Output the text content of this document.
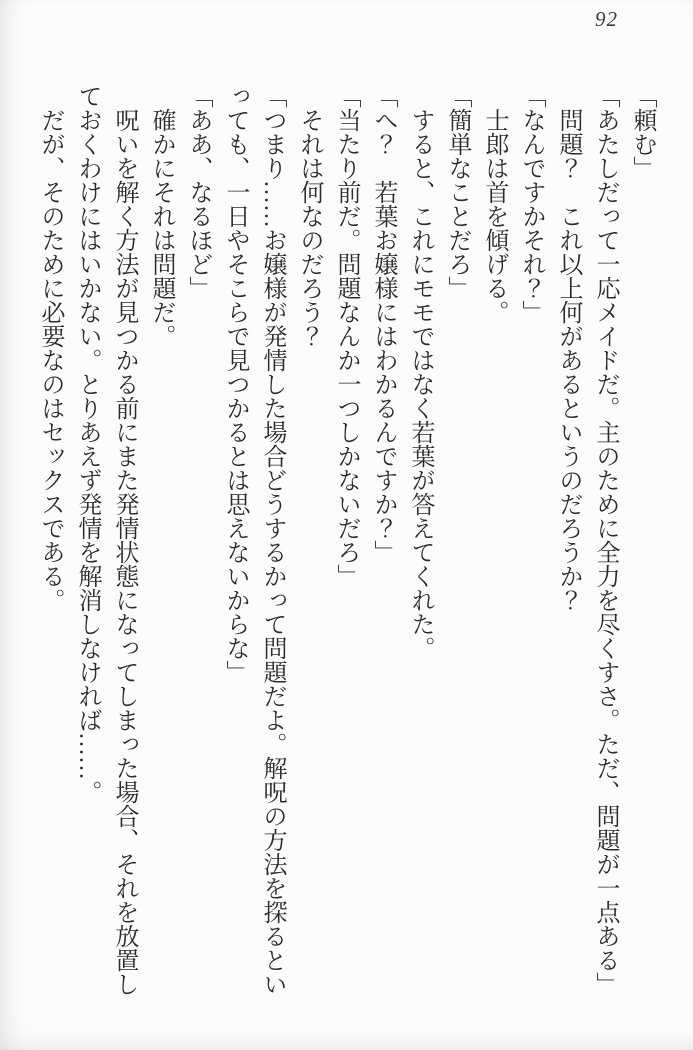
92

「頼む」

「あたしだって一応メイドだ。主のために全力を尽くすさ。ただ、問題が一点ある」

問題？　これ以上何があるというのだろうか？

「なんですかそれ？」

士郎は首を傾げる。

「簡単なことだろ」

すると、これにモモではなく若葉が答えてくれた。

「へ？　若葉お嬢様にはわかるんですか？」

「当たり前だ。問題なんか一つしかないだろ」

それは何なのだろう？

「つまり……お嬢様が発情した場合どうするかって問題だよ。解呪の方法を探るといっても、一日やそこらで見つかるとは思えないからな」

「ああ、なるほど」

確かにそれは問題だ。

呪いを解く方法が見つかる前にまた発情状態になってしまった場合、それを放置しておくわけにはいかない。とりあえず発情を解消しなければ……。

だが、そのために必要なのはセックスである。
